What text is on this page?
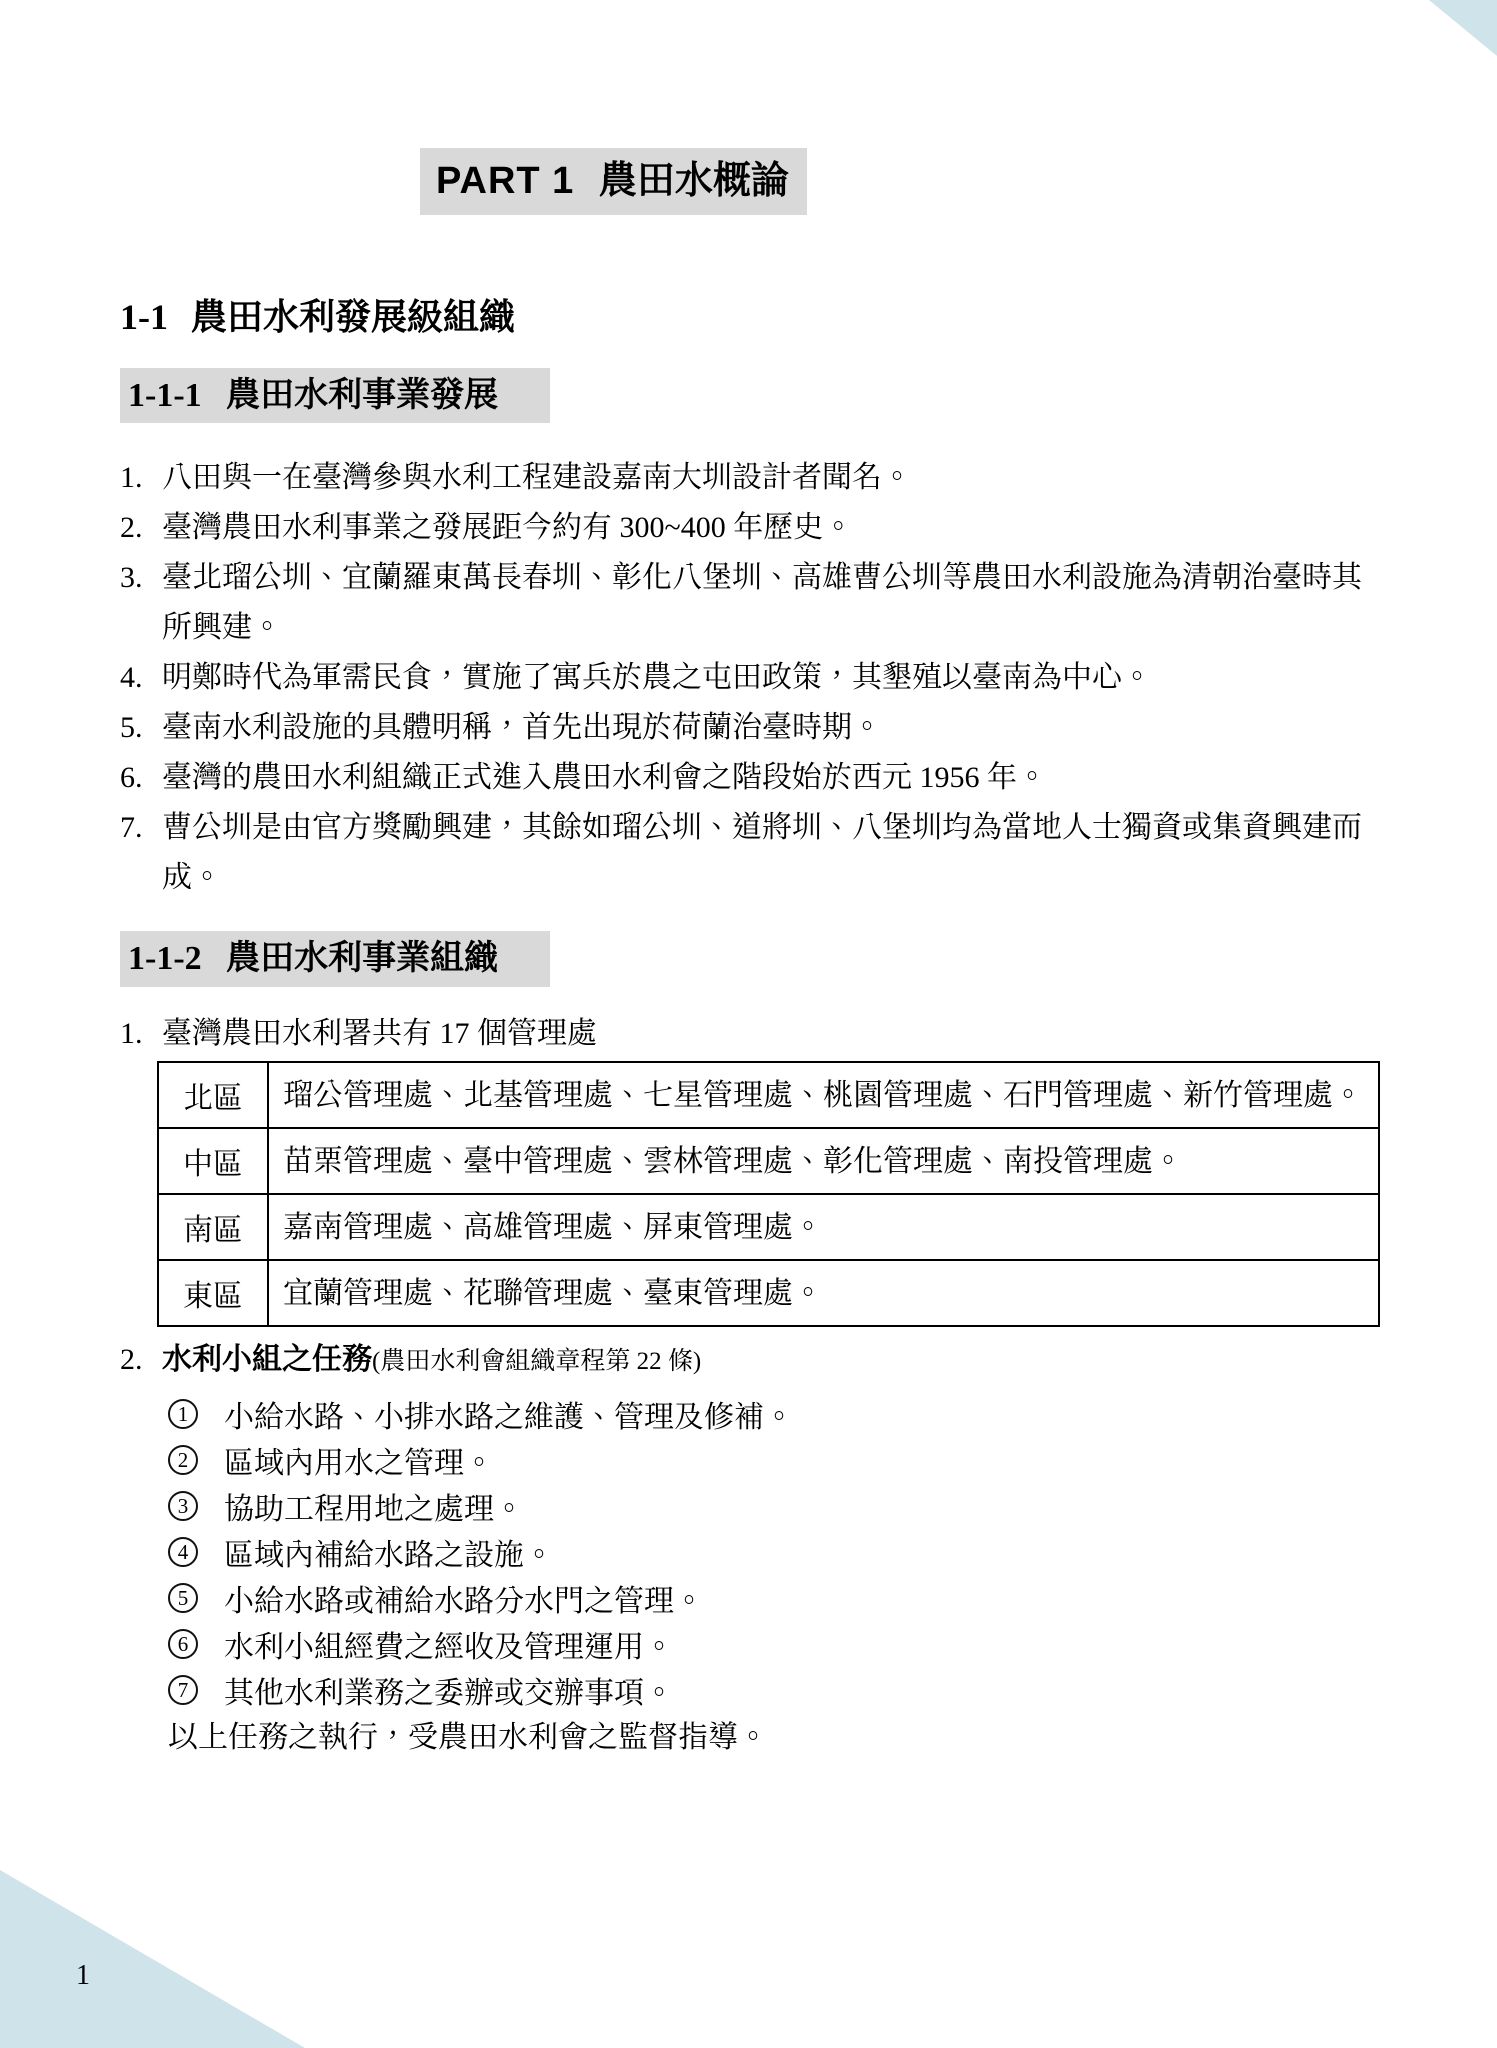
PART 1 農田水概論
1-1 農田水利發展級組織
1-1-1 農田水利事業發展
1. 八田與一在臺灣參與水利工程建設嘉南大圳設計者聞名。
2. 臺灣農田水利事業之發展距今約有 300~400 年歷史。
3. 臺北瑠公圳、宜蘭羅東萬長春圳、彰化八堡圳、高雄曹公圳等農田水利設施為清朝治臺時其所興建。
4. 明鄭時代為軍需民食，實施了寓兵於農之屯田政策，其墾殖以臺南為中心。
5. 臺南水利設施的具體明稱，首先出現於荷蘭治臺時期。
6. 臺灣的農田水利組織正式進入農田水利會之階段始於西元 1956 年。
7. 曹公圳是由官方獎勵興建，其餘如瑠公圳、道將圳、八堡圳均為當地人士獨資或集資興建而成。
1-1-2 農田水利事業組織
1. 臺灣農田水利署共有 17 個管理處
北區	瑠公管理處、北基管理處、七星管理處、桃園管理處、石門管理處、新竹管理處。
中區	苗栗管理處、臺中管理處、雲林管理處、彰化管理處、南投管理處。
南區	嘉南管理處、高雄管理處、屏東管理處。
東區	宜蘭管理處、花聯管理處、臺東管理處。
2. 水利小組之任務(農田水利會組織章程第 22 條)
1	小給水路、小排水路之維護、管理及修補。
2	區域內用水之管理。
3	協助工程用地之處理。
4	區域內補給水路之設施。
5	小給水路或補給水路分水門之管理。
6	水利小組經費之經收及管理運用。
7	其他水利業務之委辦或交辦事項。
以上任務之執行，受農田水利會之監督指導。
1
